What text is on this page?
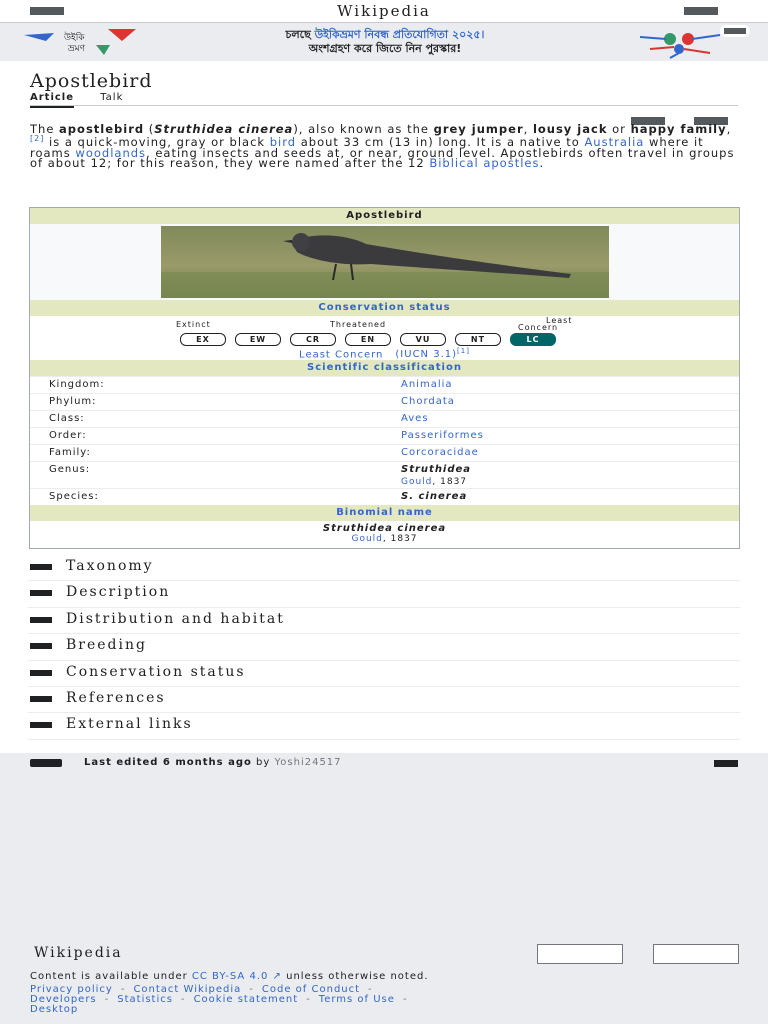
Wikipedia
উইকি
ভ্রমণ
চলছে উইকিভ্রমণ নিবন্ধ প্রতিযোগিতা ২০২৫।
অংশগ্রহণ করে জিতে নিন পুরস্কার!
Apostlebird
Article	Talk

The apostlebird (Struthidea cinerea), also known as the grey jumper, lousy jack or happy family,[2] is a quick-moving, gray or black bird about 33 cm (13 in) long. It is a native to Australia where it roams woodlands, eating insects and seeds at, or near, ground level. Apostlebirds often travel in groups of about 12; for this reason, they were named after the 12 Biblical apostles.
Apostlebird
Conservation status
Extinct	Threatened	Least
Concern
EX	EW	CR	EN	VU	NT	LC
Least Concern (IUCN 3.1)[1]
Scientific classification
Kingdom:	Animalia
Phylum:	Chordata
Class:	Aves
Order:	Passeriformes
Family:	Corcoracidae
Genus:	Struthidea
Gould, 1837
Species:	S. cinerea
Binomial name
Struthidea cinerea
Gould, 1837
Taxonomy
Description
Distribution and habitat
Breeding
Conservation status
References
External links
Last edited 6 months ago by Yoshi24517
Wikipedia
Content is available under CC BY-SA 4.0 ↗ unless otherwise noted.
Privacy policy - Contact Wikipedia - Code of Conduct -
Developers - Statistics - Cookie statement - Terms of Use -
Desktop
